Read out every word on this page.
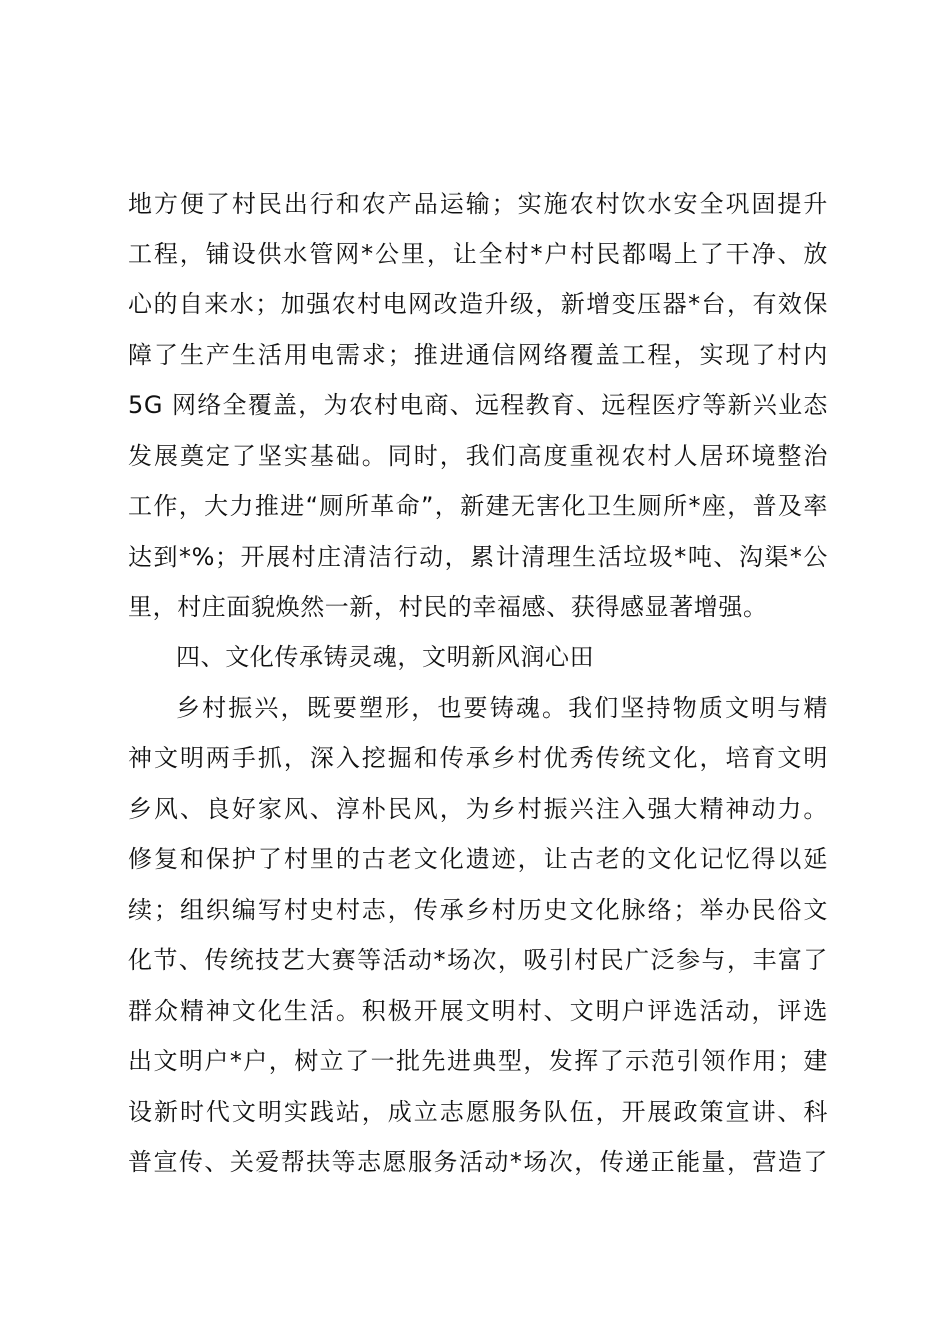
地方便了村民出行和农产品运输；实施农村饮水安全巩固提升

工程，铺设供水管网*公里，让全村*户村民都喝上了干净、放

心的自来水；加强农村电网改造升级，新增变压器*台，有效保

障了生产生活用电需求；推进通信网络覆盖工程，实现了村内

5G 网络全覆盖，为农村电商、远程教育、远程医疗等新兴业态

发展奠定了坚实基础。同时，我们高度重视农村人居环境整治

工作，大力推进“厕所革命”，新建无害化卫生厕所*座，普及率

达到*%；开展村庄清洁行动，累计清理生活垃圾*吨、沟渠*公

里，村庄面貌焕然一新，村民的幸福感、获得感显著增强。

四、文化传承铸灵魂，文明新风润心田

乡村振兴，既要塑形，也要铸魂。我们坚持物质文明与精

神文明两手抓，深入挖掘和传承乡村优秀传统文化，培育文明

乡风、良好家风、淳朴民风，为乡村振兴注入强大精神动力。

修复和保护了村里的古老文化遗迹，让古老的文化记忆得以延

续；组织编写村史村志，传承乡村历史文化脉络；举办民俗文

化节、传统技艺大赛等活动*场次，吸引村民广泛参与，丰富了

群众精神文化生活。积极开展文明村、文明户评选活动，评选

出文明户*户，树立了一批先进典型，发挥了示范引领作用；建

设新时代文明实践站，成立志愿服务队伍，开展政策宣讲、科

普宣传、关爱帮扶等志愿服务活动*场次，传递正能量，营造了
